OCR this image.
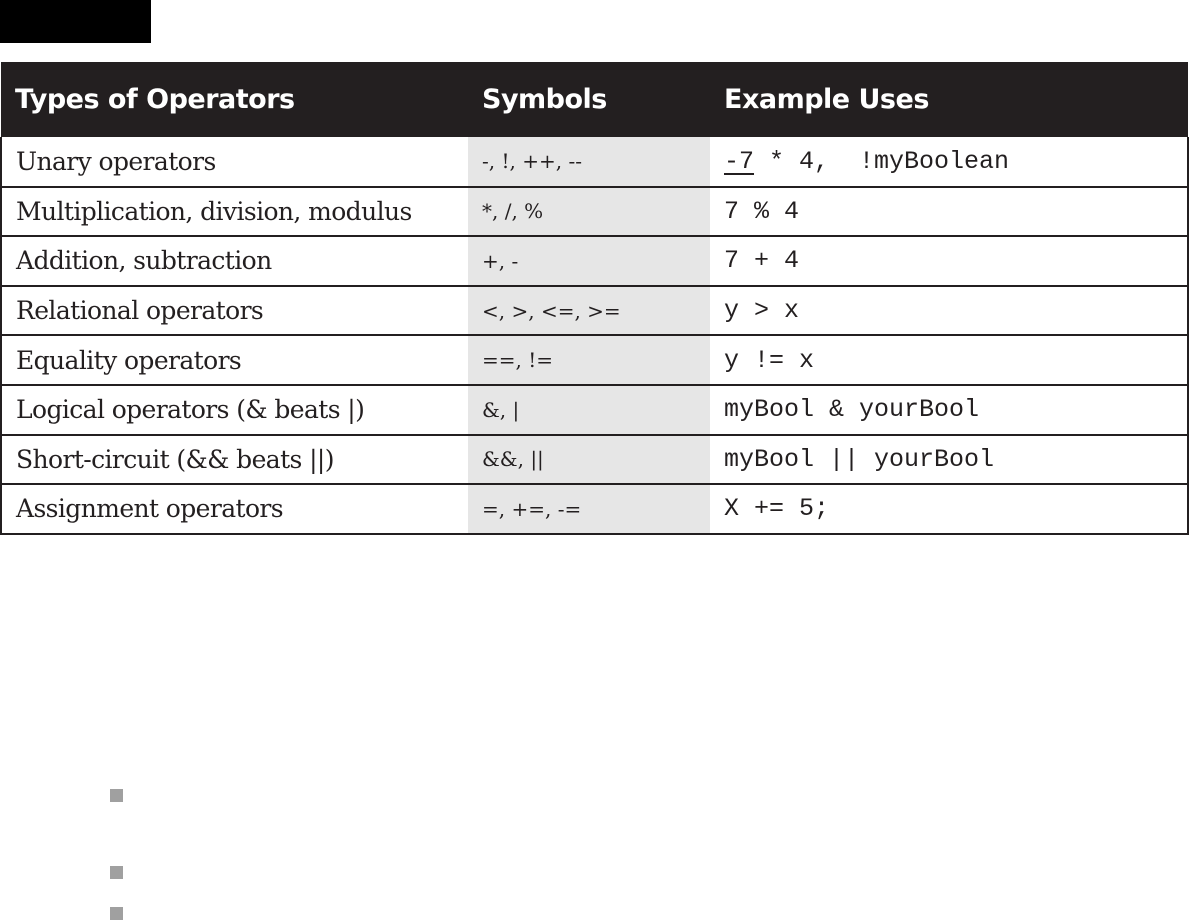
Types of Operators	Symbols	Example Uses
Unary operators	-, !, ++, --	-7 * 4,  !myBoolean
Multiplication, division, modulus	*, /, %	7 % 4
Addition, subtraction	+, -	7 + 4
Relational operators	<, >, <=, >=	y > x
Equality operators	==, !=	y != x
Logical operators (& beats |)	&, |	myBool & yourBool
Short-circuit (&& beats ||)	&&, ||	myBool || yourBool
Assignment operators	=, +=, -=	X += 5;
